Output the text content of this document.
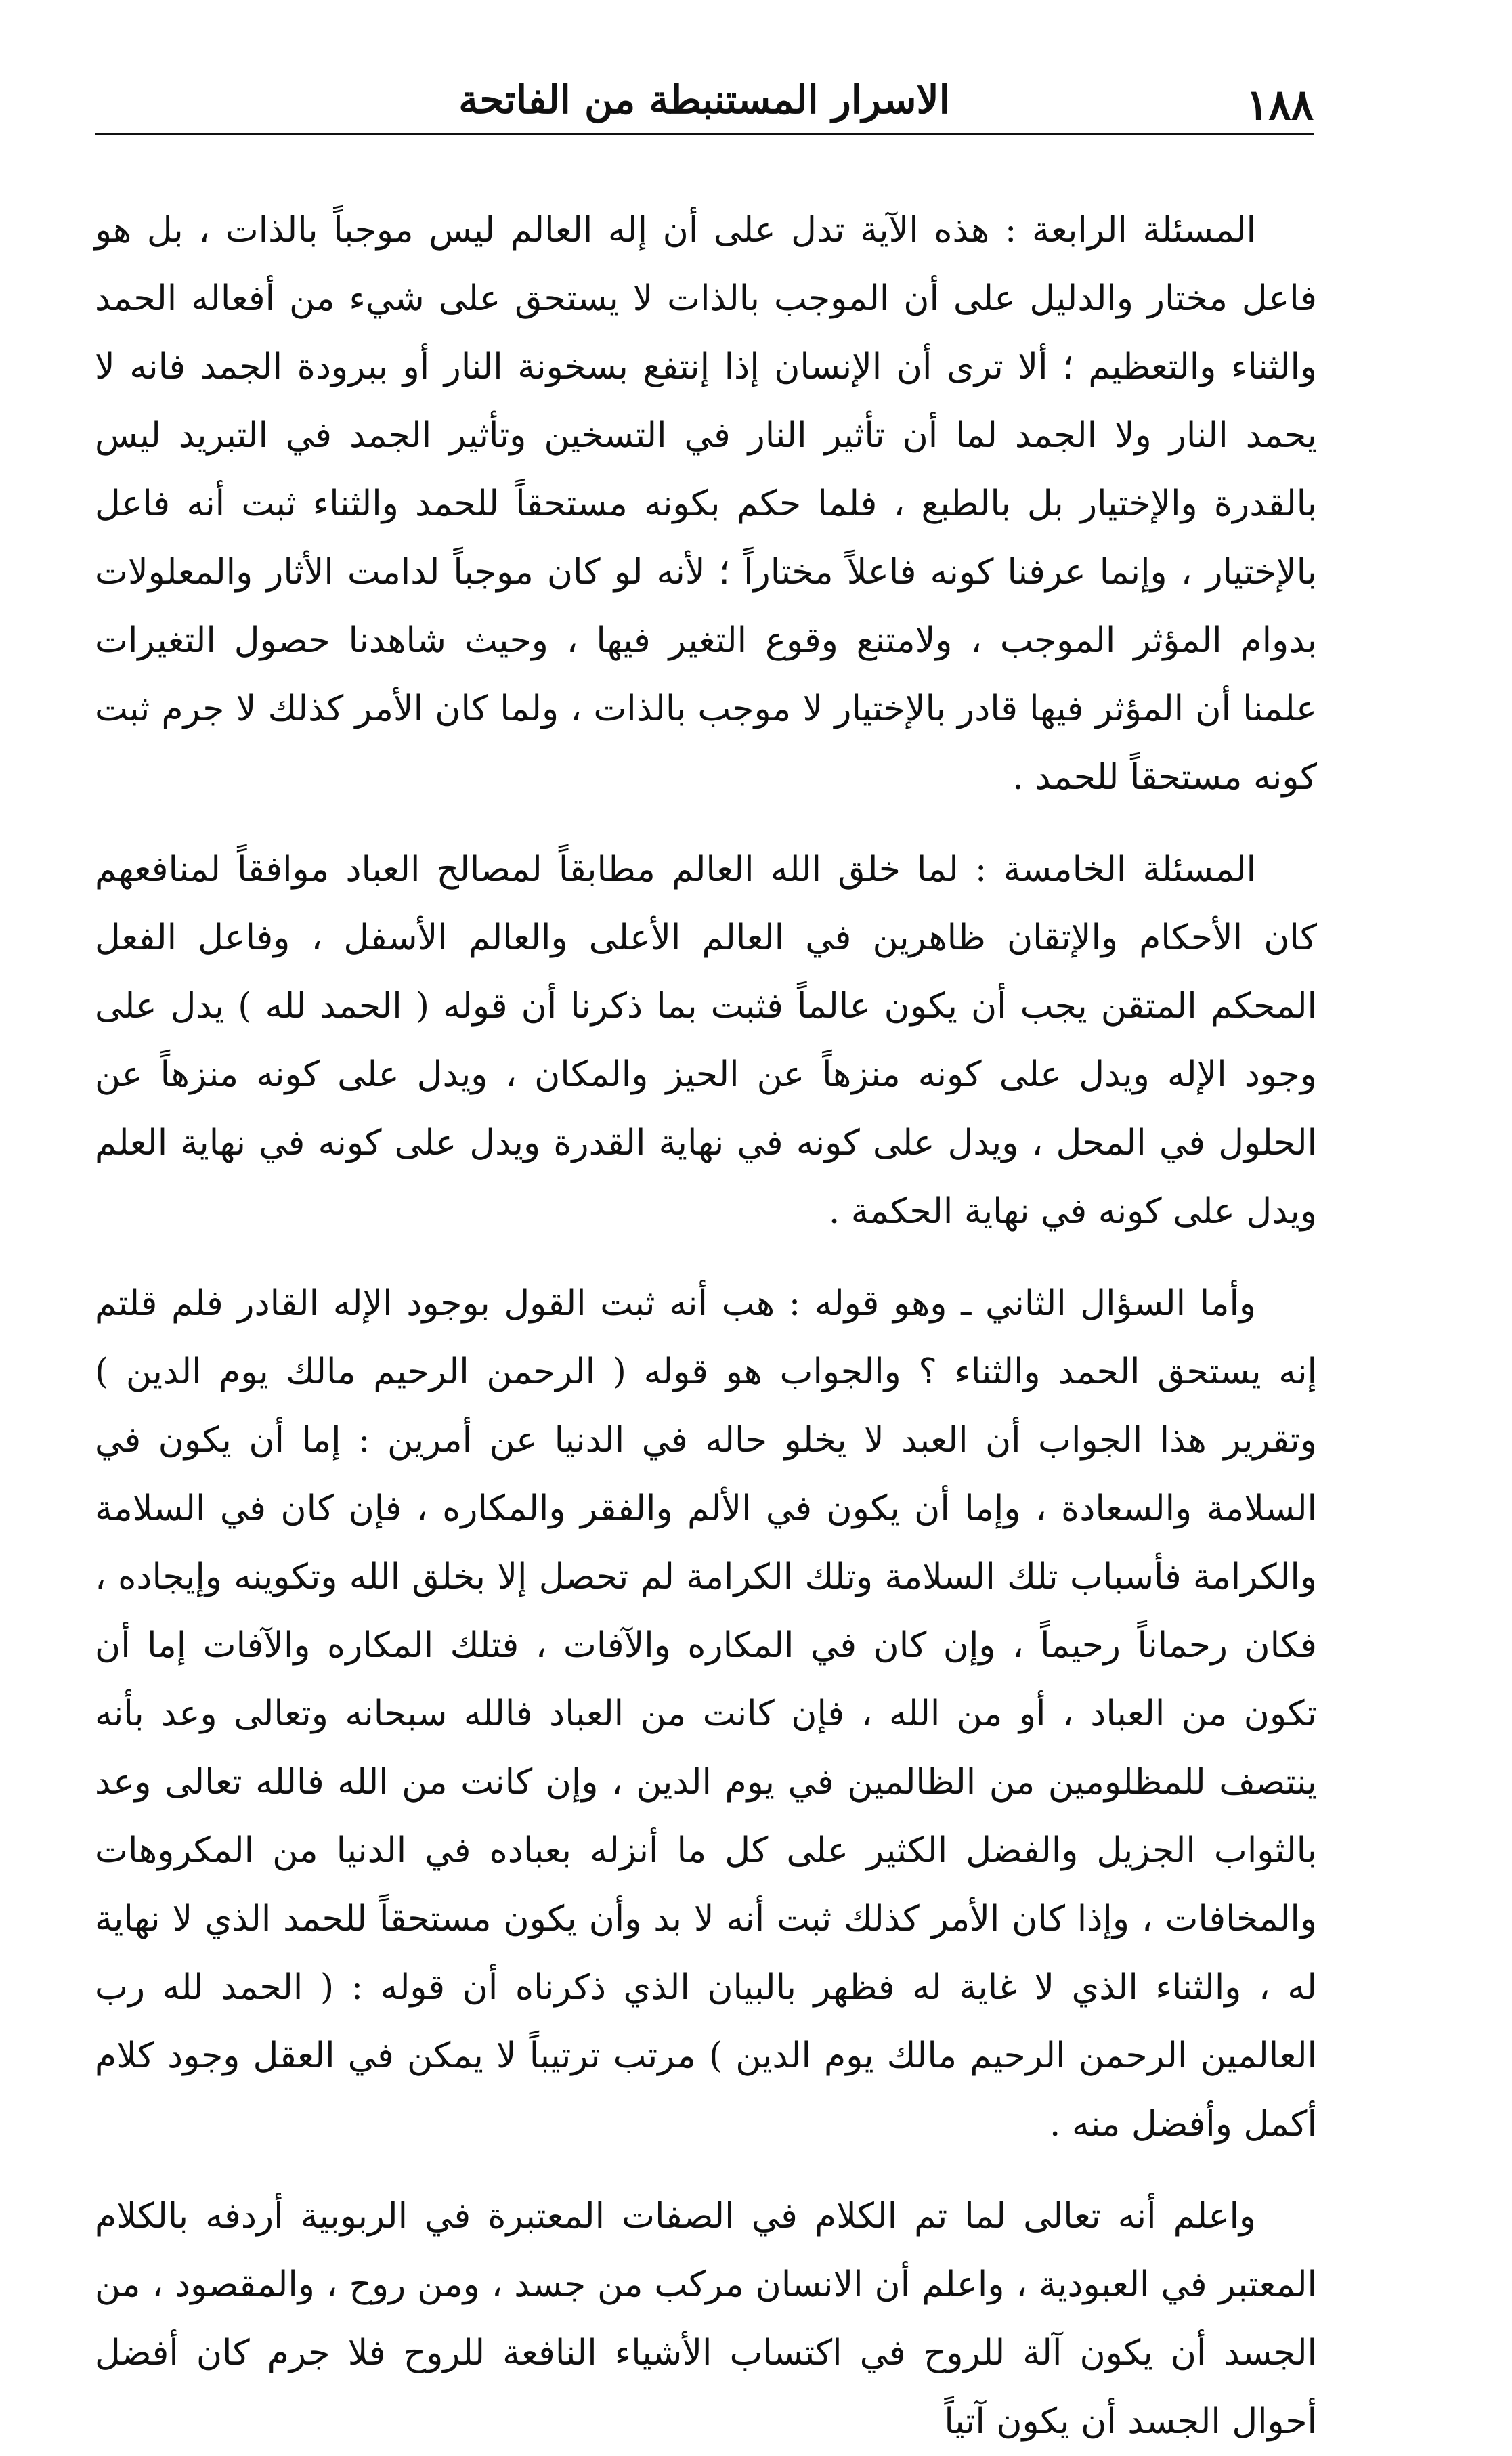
١٨٨
الاسرار المستنبطة من الفاتحة

المسئلة الرابعة : هذه الآية تدل على أن إله العالم ليس موجباً بالذات ، بل هو فاعل مختار والدليل على أن الموجب بالذات لا يستحق على شيء من أفعاله الحمد والثناء والتعظيم ؛ ألا ترى أن الإنسان إذا إنتفع بسخونة النار أو ببرودة الجمد فانه لا يحمد النار ولا الجمد لما أن تأثير النار في التسخين وتأثير الجمد في التبريد ليس بالقدرة والإختيار بل بالطبع ، فلما حكم بكونه مستحقاً للحمد والثناء ثبت أنه فاعل بالإختيار ، وإنما عرفنا كونه فاعلاً مختاراً ؛ لأنه لو كان موجباً لدامت الأثار والمعلولات بدوام المؤثر الموجب ، ولامتنع وقوع التغير فيها ، وحيث شاهدنا حصول التغيرات علمنا أن المؤثر فيها قادر بالإختيار لا موجب بالذات ، ولما كان الأمر كذلك لا جرم ثبت كونه مستحقاً للحمد .

المسئلة الخامسة : لما خلق الله العالم مطابقاً لمصالح العباد موافقاً لمنافعهم كان الأحكام والإتقان ظاهرين في العالم الأعلى والعالم الأسفل ، وفاعل الفعل المحكم المتقن يجب أن يكون عالماً فثبت بما ذكرنا أن قوله ( الحمد لله ) يدل على وجود الإله ويدل على كونه منزهاً عن الحيز والمكان ، ويدل على كونه منزهاً عن الحلول في المحل ، ويدل على كونه في نهاية القدرة ويدل على كونه في نهاية العلم ويدل على كونه في نهاية الحكمة .

وأما السؤال الثاني ـ وهو قوله : هب أنه ثبت القول بوجود الإله القادر فلم قلتم إنه يستحق الحمد والثناء ؟ والجواب هو قوله ( الرحمن الرحيم مالك يوم الدين ) وتقرير هذا الجواب أن العبد لا يخلو حاله في الدنيا عن أمرين : إما أن يكون في السلامة والسعادة ، وإما أن يكون في الألم والفقر والمكاره ، فإن كان في السلامة والكرامة فأسباب تلك السلامة وتلك الكرامة لم تحصل إلا بخلق الله وتكوينه وإيجاده ، فكان رحماناً رحيماً ، وإن كان في المكاره والآفات ، فتلك المكاره والآفات إما أن تكون من العباد ، أو من الله ، فإن كانت من العباد فالله سبحانه وتعالى وعد بأنه ينتصف للمظلومين من الظالمين في يوم الدين ، وإن كانت من الله فالله تعالى وعد بالثواب الجزيل والفضل الكثير على كل ما أنزله بعباده في الدنيا من المكروهات والمخافات ، وإذا كان الأمر كذلك ثبت أنه لا بد وأن يكون مستحقاً للحمد الذي لا نهاية له ، والثناء الذي لا غاية له فظهر بالبيان الذي ذكرناه أن قوله : ( الحمد لله رب العالمين الرحمن الرحيم مالك يوم الدين ) مرتب ترتيباً لا يمكن في العقل وجود كلام أكمل وأفضل منه .

واعلم أنه تعالى لما تم الكلام في الصفات المعتبرة في الربوبية أردفه بالكلام المعتبر في العبودية ، واعلم أن الانسان مركب من جسد ، ومن روح ، والمقصود ، من الجسد أن يكون آلة للروح في اكتساب الأشياء النافعة للروح فلا جرم كان أفضل أحوال الجسد أن يكون آتياً
